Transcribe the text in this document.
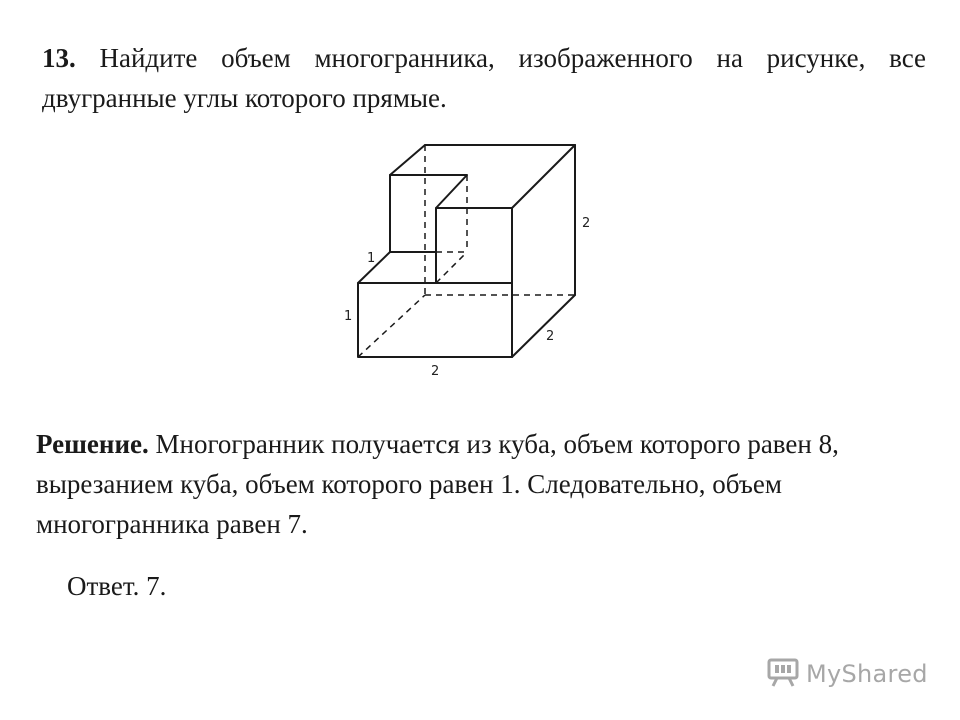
13. Найдите объем многогранника, изображенного на рисунке, все двугранные углы которого прямые.
1
1
2
2
2
Решение. Многогранник получается из куба, объем которого равен 8, вырезанием куба, объем которого равен 1. Следовательно, объем многогранника равен 7.
Ответ. 7.
MyShared
